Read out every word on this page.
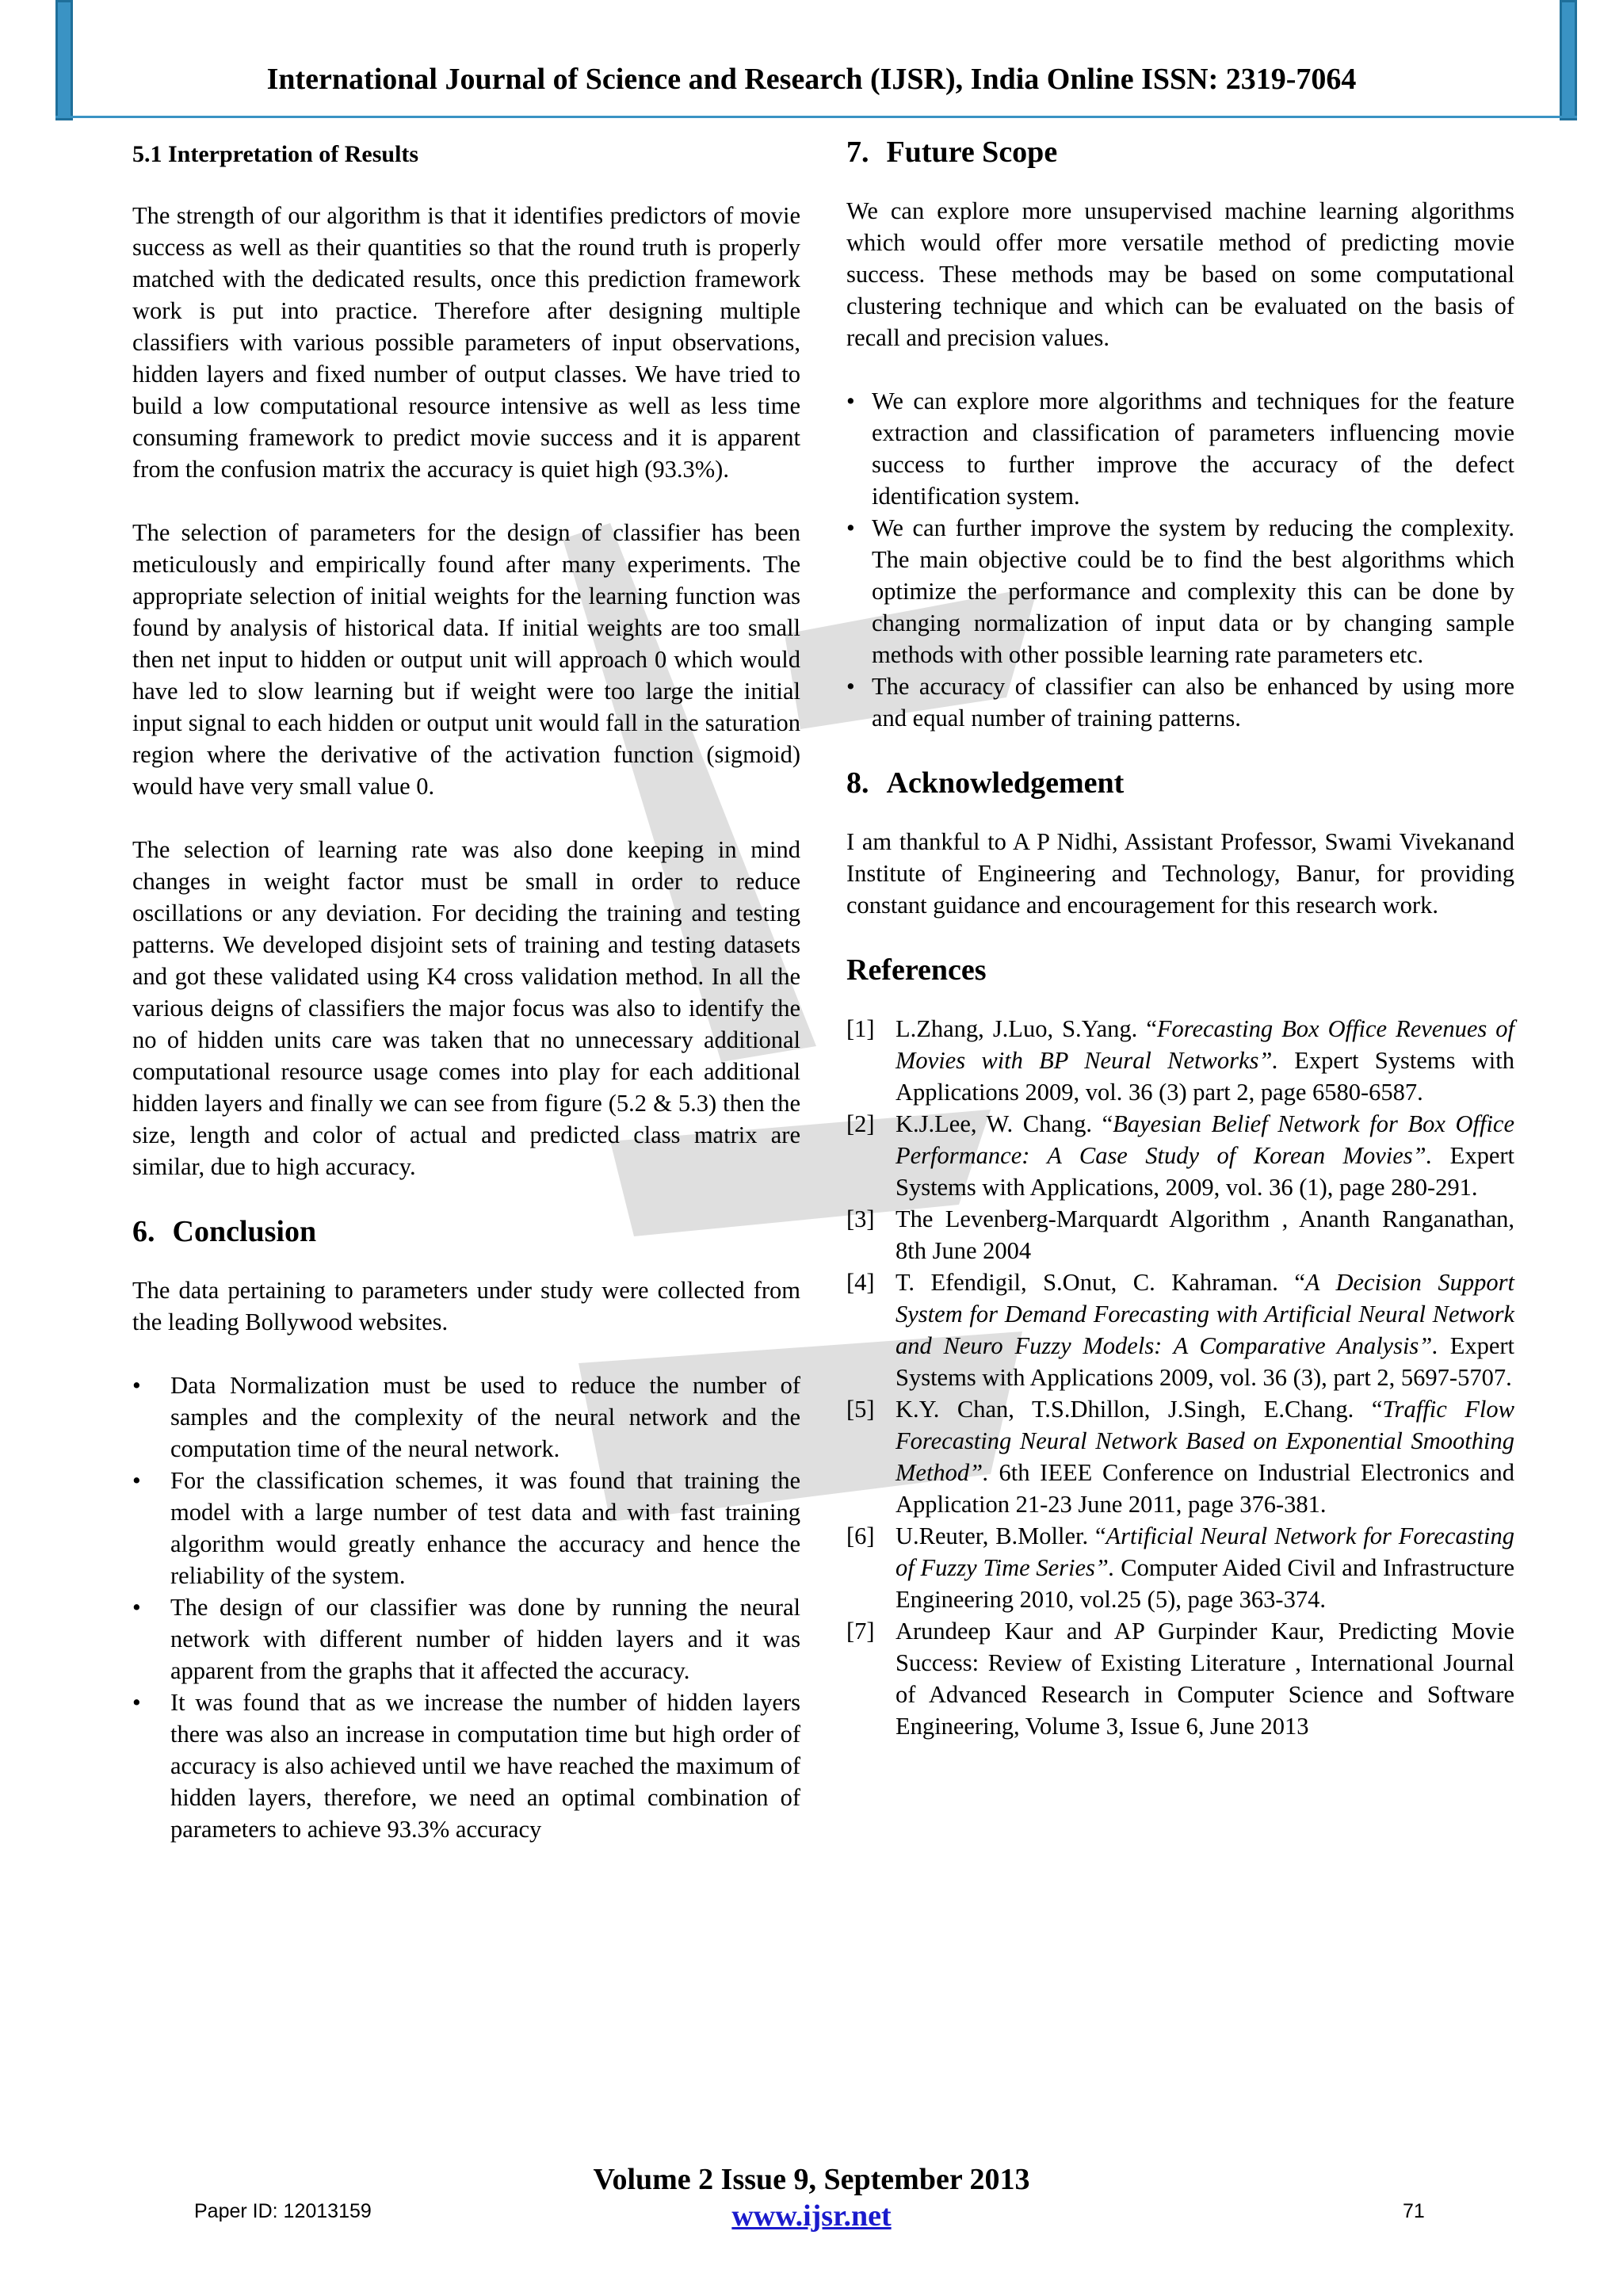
International Journal of Science and Research (IJSR), India Online ISSN: 2319-7064
5.1 Interpretation of Results

The strength of our algorithm is that it identifies predictors of movie success as well as their quantities so that the round truth is properly matched with the dedicated results, once this prediction framework work is put into practice. Therefore after designing multiple classifiers with various possible parameters of input observations, hidden layers and fixed number of output classes. We have tried to build a low computational resource intensive as well as less time consuming framework to predict movie success and it is apparent from the confusion matrix the accuracy is quiet high (93.3%).

The selection of parameters for the design of classifier has been meticulously and empirically found after many experiments. The appropriate selection of initial weights for the learning function was found by analysis of historical data. If initial weights are too small then net input to hidden or output unit will approach 0 which would have led to slow learning but if weight were too large the initial input signal to each hidden or output unit would fall in the saturation region where the derivative of the activation function (sigmoid) would have very small value 0.

The selection of learning rate was also done keeping in mind changes in weight factor must be small in order to reduce oscillations or any deviation. For deciding the training and testing patterns. We developed disjoint sets of training and testing datasets and got these validated using K4 cross validation method. In all the various deigns of classifiers the major focus was also to identify the no of hidden units care was taken that no unnecessary additional computational resource usage comes into play for each additional hidden layers and finally we can see from figure (5.2 & 5.3) then the size, length and color of actual and predicted class matrix are similar, due to high accuracy.

6. Conclusion

The data pertaining to parameters under study were collected from the leading Bollywood websites.

• Data Normalization must be used to reduce the number of samples and the complexity of the neural network and the computation time of the neural network.
• For the classification schemes, it was found that training the model with a large number of test data and with fast training algorithm would greatly enhance the accuracy and hence the reliability of the system.
• The design of our classifier was done by running the neural network with different number of hidden layers and it was apparent from the graphs that it affected the accuracy.
• It was found that as we increase the number of hidden layers there was also an increase in computation time but high order of accuracy is also achieved until we have reached the maximum of hidden layers, therefore, we need an optimal combination of parameters to achieve 93.3% accuracy
7. Future Scope

We can explore more unsupervised machine learning algorithms which would offer more versatile method of predicting movie success. These methods may be based on some computational clustering technique and which can be evaluated on the basis of recall and precision values.

• We can explore more algorithms and techniques for the feature extraction and classification of parameters influencing movie success to further improve the accuracy of the defect identification system.
• We can further improve the system by reducing the complexity. The main objective could be to find the best algorithms which optimize the performance and complexity this can be done by changing normalization of input data or by changing sample methods with other possible learning rate parameters etc.
• The accuracy of classifier can also be enhanced by using more and equal number of training patterns.
8. Acknowledgement

I am thankful to A P Nidhi, Assistant Professor, Swami Vivekanand Institute of Engineering and Technology, Banur, for providing constant guidance and encouragement for this research work.

References
[1] L.Zhang, J.Luo, S.Yang. “Forecasting Box Office Revenues of Movies with BP Neural Networks”. Expert Systems with Applications 2009, vol. 36 (3) part 2, page 6580-6587.
[2] K.J.Lee, W. Chang. “Bayesian Belief Network for Box Office Performance: A Case Study of Korean Movies”. Expert Systems with Applications, 2009, vol. 36 (1), page 280-291.
[3] The Levenberg-Marquardt Algorithm , Ananth Ranganathan, 8th June 2004
[4] T. Efendigil, S.Onut, C. Kahraman. “A Decision Support System for Demand Forecasting with Artificial Neural Network and Neuro Fuzzy Models: A Comparative Analysis”. Expert Systems with Applications 2009, vol. 36 (3), part 2, 5697-5707.
[5] K.Y. Chan, T.S.Dhillon, J.Singh, E.Chang. “Traffic Flow Forecasting Neural Network Based on Exponential Smoothing Method”. 6th IEEE Conference on Industrial Electronics and Application 21-23 June 2011, page 376-381.
[6] U.Reuter, B.Moller. “Artificial Neural Network for Forecasting of Fuzzy Time Series”. Computer Aided Civil and Infrastructure Engineering 2010, vol.25 (5), page 363-374.
[7] Arundeep Kaur and AP Gurpinder Kaur, Predicting Movie Success: Review of Existing Literature , International Journal of Advanced Research in Computer Science and Software Engineering, Volume 3, Issue 6, June 2013
Volume 2 Issue 9, September 2013
www.ijsr.net
Paper ID: 12013159	71
